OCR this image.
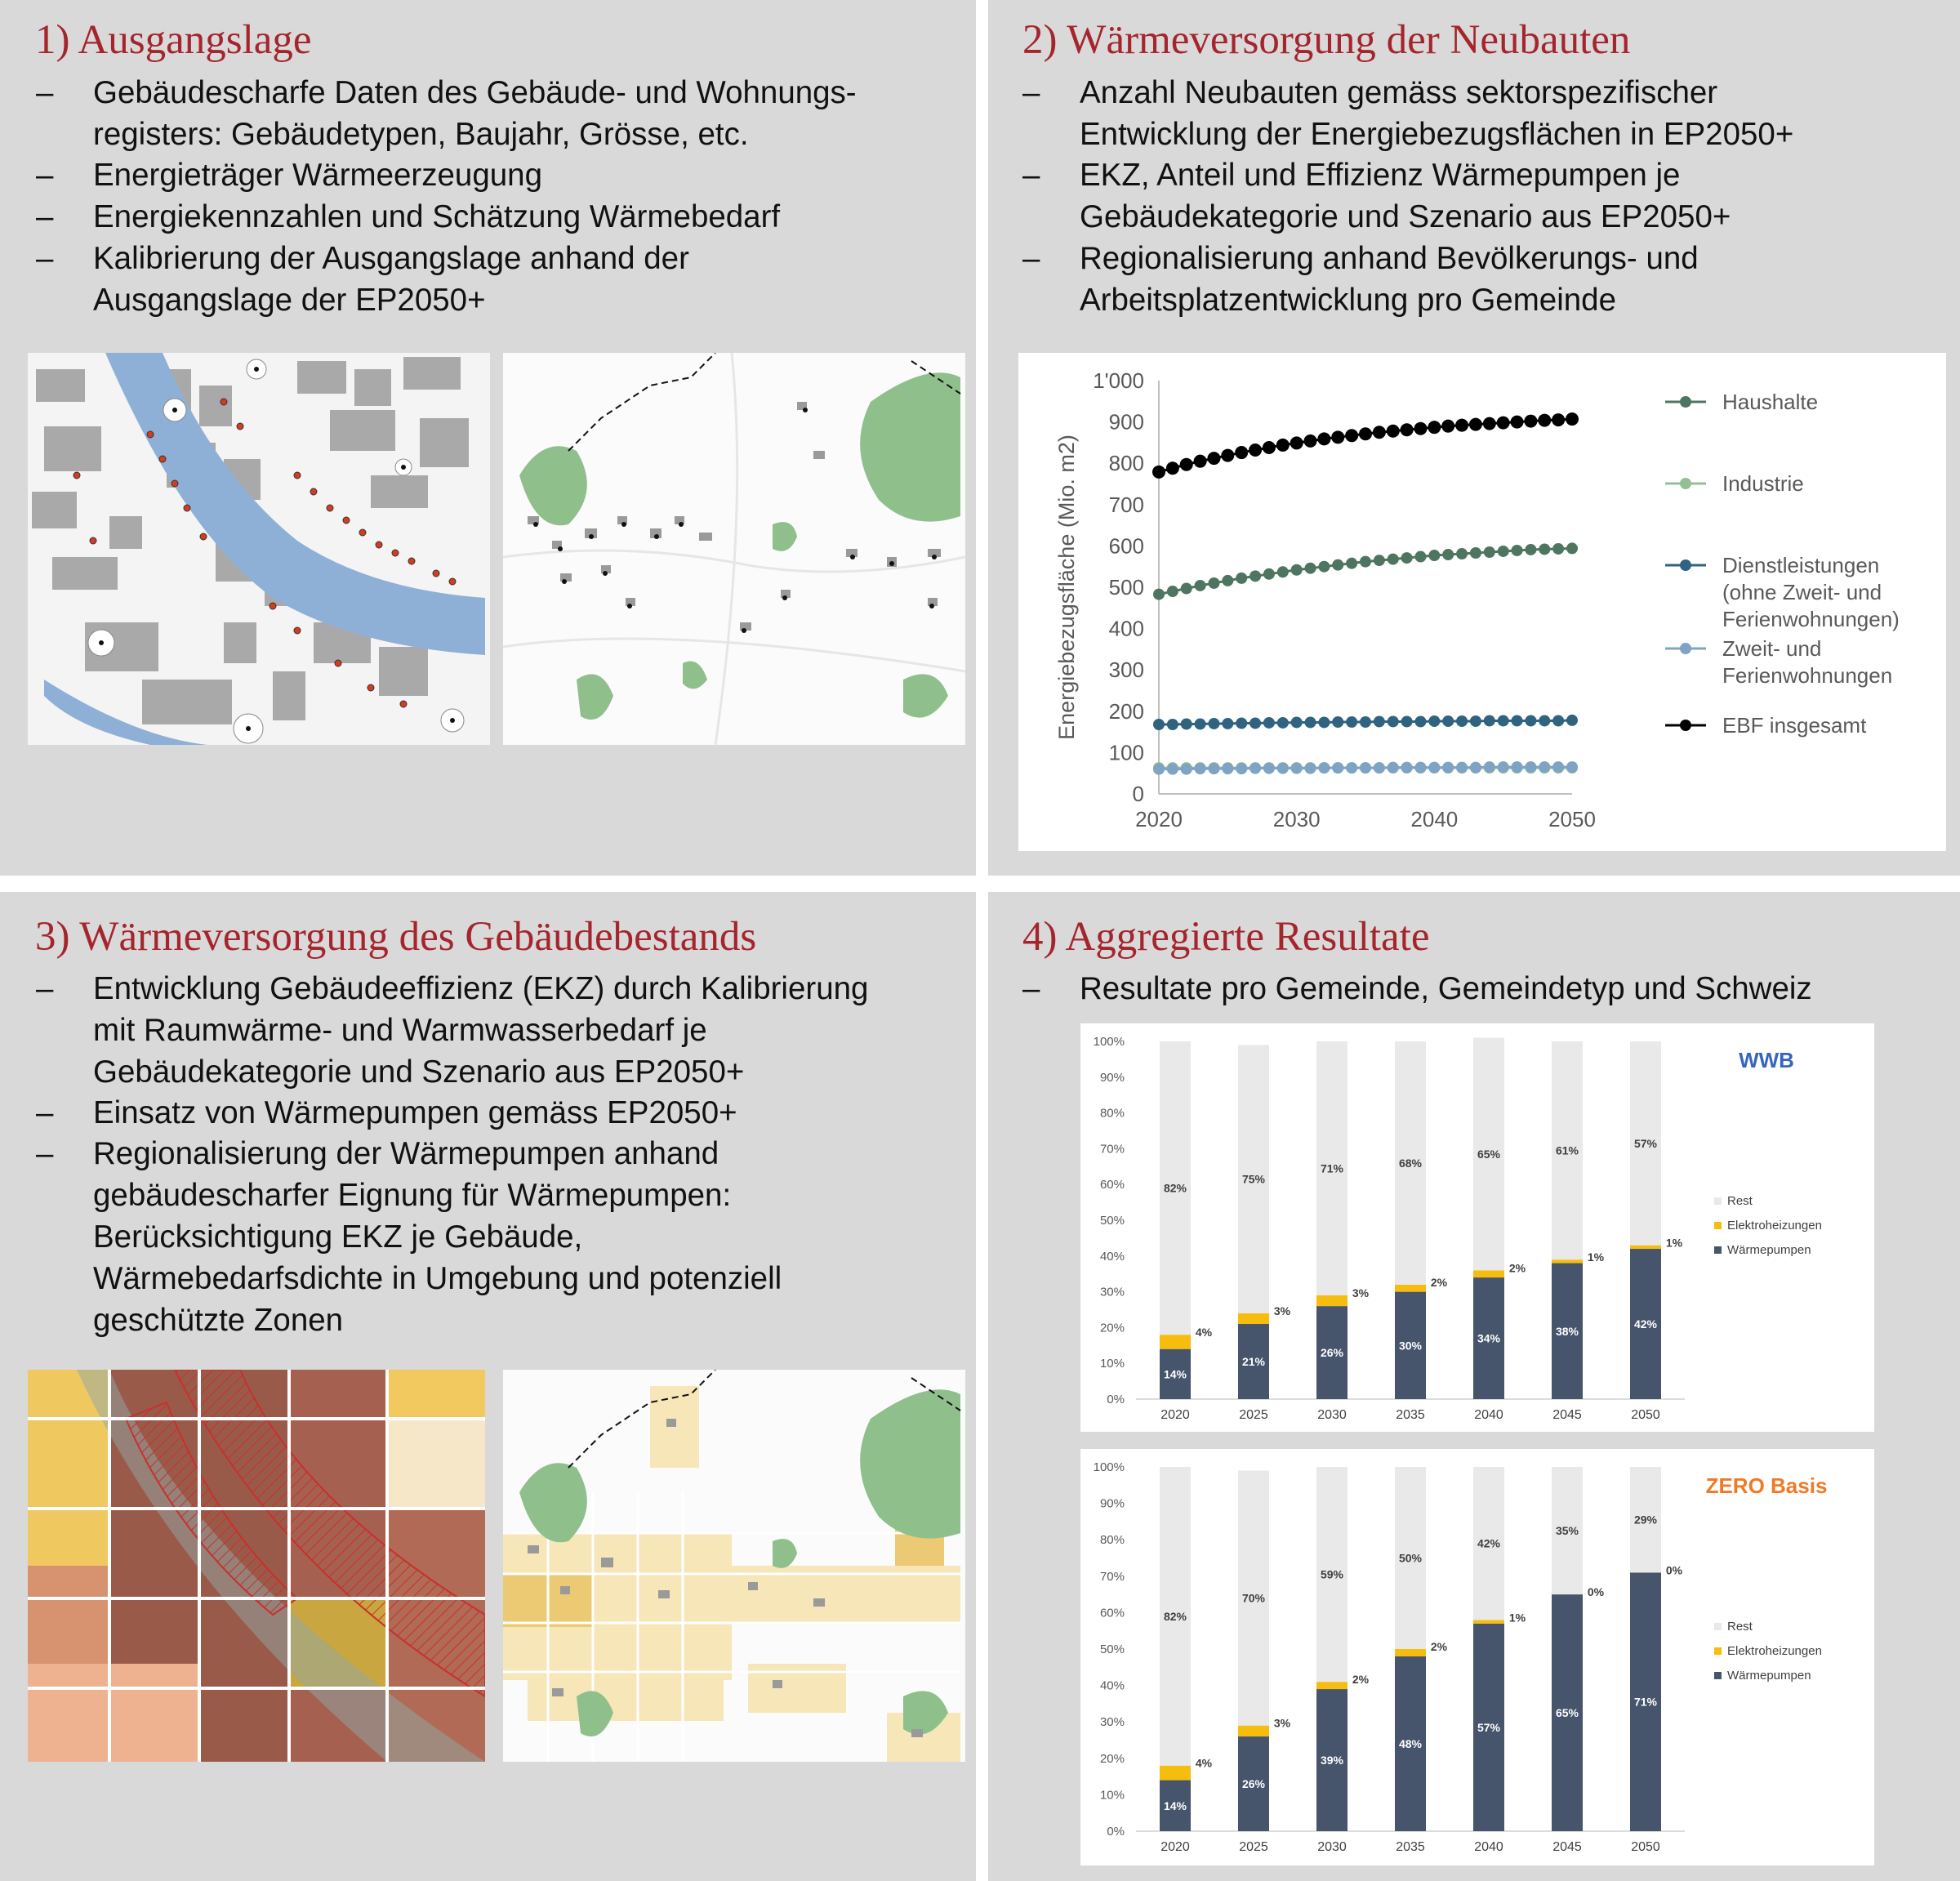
1) Ausgangslage	2) Wärmeversorgung der Neubauten
3) Wärmeversorgung des Gebäudebestands	4) Aggregierte Resultate
– Gebäudescharfe Daten des Gebäude- und Wohnungs-
registers: Gebäudetypen, Baujahr, Grösse, etc.
– Energieträger Wärmeerzeugung
– Energiekennzahlen und Schätzung Wärmebedarf
– Kalibrierung der Ausgangslage anhand der
Ausgangslage der EP2050+
– Anzahl Neubauten gemäss sektorspezifischer
Entwicklung der Energiebezugsflächen in EP2050+
– EKZ, Anteil und Effizienz Wärmepumpen je
Gebäudekategorie und Szenario aus EP2050+
– Regionalisierung anhand Bevölkerungs- und
Arbeitsplatzentwicklung pro Gemeinde
– Entwicklung Gebäudeeffizienz (EKZ) durch Kalibrierung
mit Raumwärme- und Warmwasserbedarf je
Gebäudekategorie und Szenario aus EP2050+
– Einsatz von Wärmepumpen gemäss EP2050+
– Regionalisierung der Wärmepumpen anhand
gebäudescharfer Eignung für Wärmepumpen:
Berücksichtigung EKZ je Gebäude,
Wärmebedarfsdichte in Umgebung und potenziell
geschützte Zonen
– Resultate pro Gemeinde, Gemeindetyp und Schweiz
0
100
200
300
400
500
600
700
800
900
1'000
2020	2030	2040	2050
Energiebezugsfläche (Mio. m2)
Haushalte
Industrie
Dienstleistungen
(ohne Zweit- und
Ferienwohnungen)
Zweit- und
Ferienwohnungen
EBF insgesamt
0%
10%
20%
30%
40%
50%
60%
70%
80%
90%
100%
14%
4%
82%
2020
21%
3%
75%
2025
26%
3%
71%
2030
30%
2%
68%
2035
34%
2%
65%
2040
38%
1%
61%
2045
42%
1%
57%
2050
WWB
Rest
Elektroheizungen
Wärmepumpen
0%
10%
20%
30%
40%
50%
60%
70%
80%
90%
100%
14%
4%
82%
2020
26%
3%
70%
2025
39%
2%
59%
2030
48%
2%
50%
2035
57%
1%
42%
2040
65%
0%
35%
2045
71%
0%
29%
2050
ZERO Basis
Rest
Elektroheizungen
Wärmepumpen
